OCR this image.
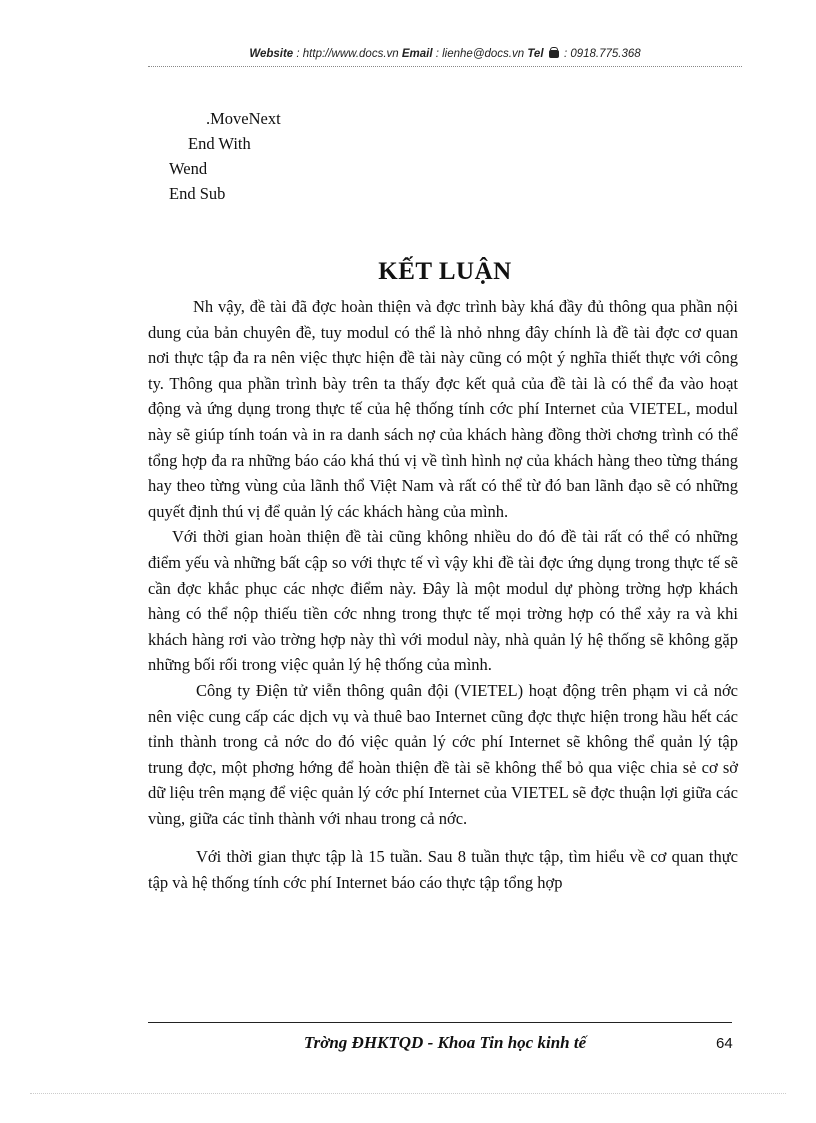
Website : http://www.docs.vn Email : lienhe@docs.vn Tel : 0918.775.368
.MoveNext
End With
Wend
End Sub
KẾT LUẬN

Nh vậy, đề tài đã đợc hoàn thiện và đợc trình bày khá đầy đủ thông qua phần nội dung của bản chuyên đề, tuy modul có thể là nhỏ nhng đây chính là đề tài đợc cơ quan nơi thực tập đa ra nên việc thực hiện đề tài này cũng có một ý nghĩa thiết thực với công ty. Thông qua phần trình bày trên ta thấy đợc kết quả của đề tài là có thể đa vào hoạt động và ứng dụng trong thực tế của hệ thống tính cớc phí Internet của VIETEL, modul này sẽ giúp tính toán và in ra danh sách nợ của khách hàng đồng thời chơng trình có thể tổng hợp đa ra những báo cáo khá thú vị về tình hình nợ của khách hàng theo từng tháng hay theo từng vùng của lãnh thổ Việt Nam và rất có thể từ đó ban lãnh đạo sẽ có những quyết định thú vị để quản lý các khách hàng của mình.

Với thời gian hoàn thiện đề tài cũng không nhiều do đó đề tài rất có thể có những điểm yếu và những bất cập so với thực tế vì vậy khi đề tài đợc ứng dụng trong thực tế sẽ cần đợc khắc phục các nhợc điểm này. Đây là một modul dự phòng trờng hợp khách hàng có thể nộp thiếu tiền cớc nhng trong thực tế mọi trờng hợp có thể xảy ra và khi khách hàng rơi vào trờng hợp này thì với modul này, nhà quản lý hệ thống sẽ không gặp những bối rối trong việc quản lý hệ thống của mình.

Công ty Điện tử viễn thông quân đội (VIETEL) hoạt động trên phạm vi cả nớc nên việc cung cấp các dịch vụ và thuê bao Internet cũng đợc thực hiện trong hầu hết các tỉnh thành trong cả nớc do đó việc quản lý cớc phí Internet sẽ không thể quản lý tập trung đợc, một phơng hớng để hoàn thiện đề tài sẽ không thể bỏ qua việc chia sẻ cơ sở dữ liệu trên mạng để việc quản lý cớc phí Internet của VIETEL sẽ đợc thuận lợi giữa các vùng, giữa các tỉnh thành với nhau trong cả nớc.

Với thời gian thực tập là 15 tuần. Sau 8 tuần thực tập, tìm hiểu về cơ quan thực tập và hệ thống tính cớc phí Internet báo cáo thực tập tổng hợp

Trờng ĐHKTQD - Khoa Tin học kinh tế	64
